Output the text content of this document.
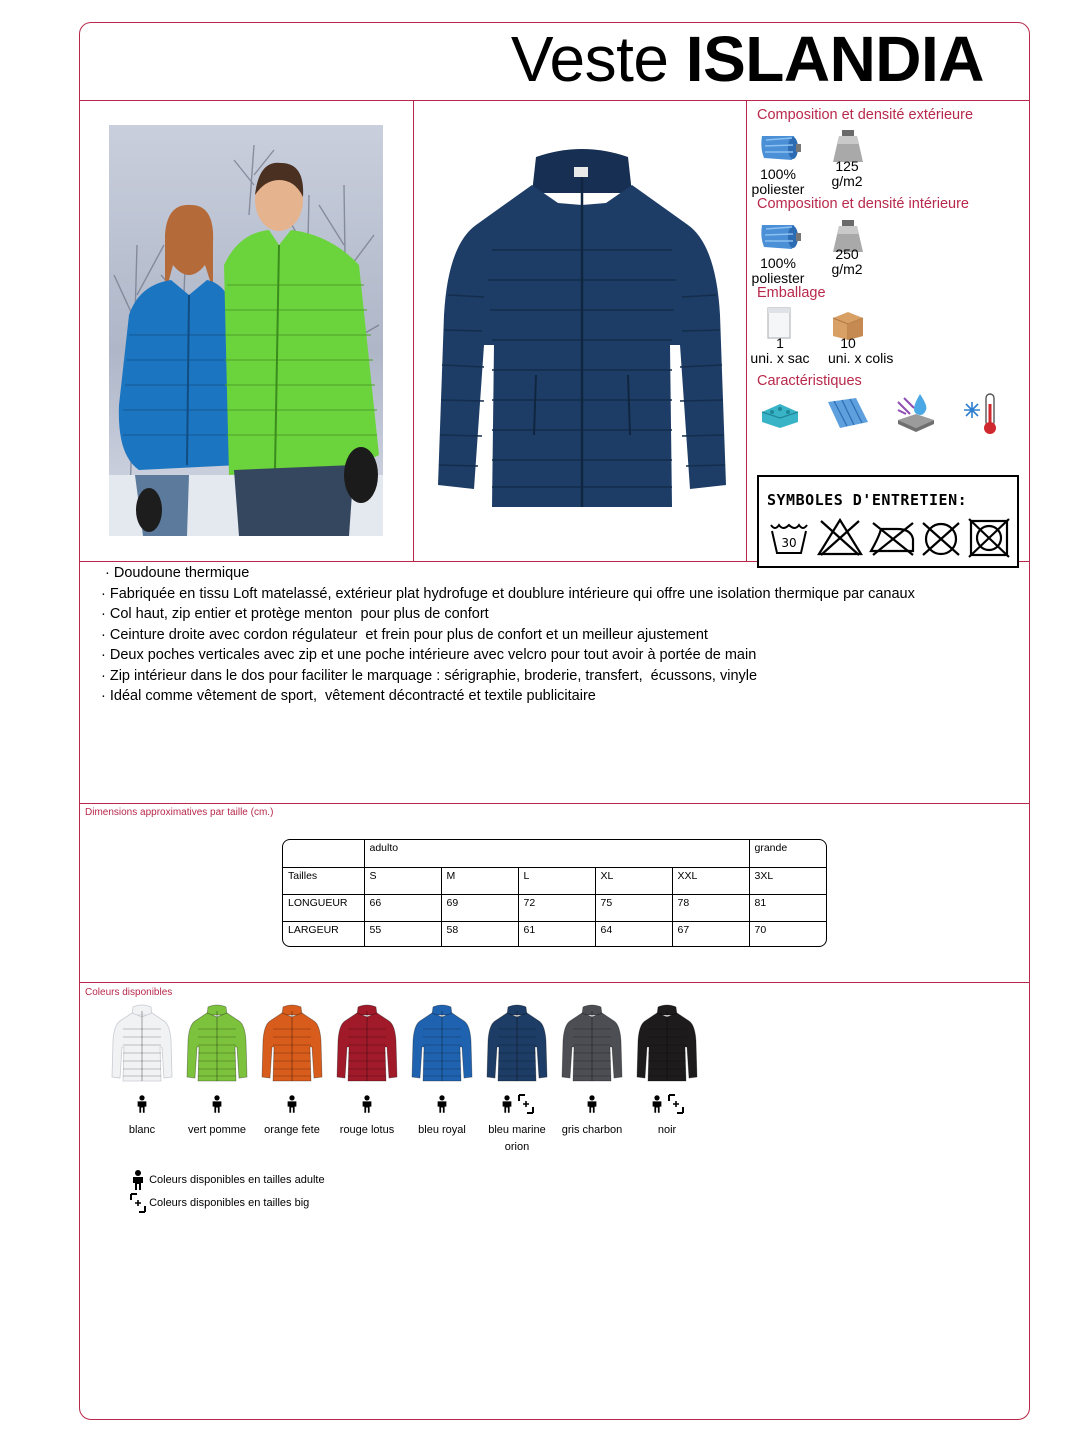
Veste ISLANDIA
Composition et densité extérieure
100%
poliester
125
g/m2
Composition et densité intérieure
100%
poliester
250
g/m2
Emballage
1
uni. x sac
10
uni. x colis
Caractéristiques
SYMBOLES D'ENTRETIEN:
30
· Doudoune thermique
· Fabriquée en tissu Loft matelassé, extérieur plat hydrofuge et doublure intérieure qui offre une isolation thermique par canaux
· Col haut, zip entier et protège menton  pour plus de confort
· Ceinture droite avec cordon régulateur  et frein pour plus de confort et un meilleur ajustement
· Deux poches verticales avec zip et une poche intérieure avec velcro pour tout avoir à portée de main
· Zip intérieur dans le dos pour faciliter le marquage : sérigraphie, broderie, transfert,  écussons, vinyle
· Idéal comme vêtement de sport,  vêtement décontracté et textile publicitaire
Dimensions approximatives par taille (cm.)
	adulto					grande
Tailles	S	M	L	XL	XXL	3XL
LONGUEUR	66	69	72	75	78	81
LARGEUR	55	58	61	64	67	70
Coleurs disponibles
blanc	vert pomme	orange fete	rouge lotus	bleu royal
	bleu marine orion
gris charbon
	noir
Coleurs disponibles en tailles adulte
Coleurs disponibles en tailles big
